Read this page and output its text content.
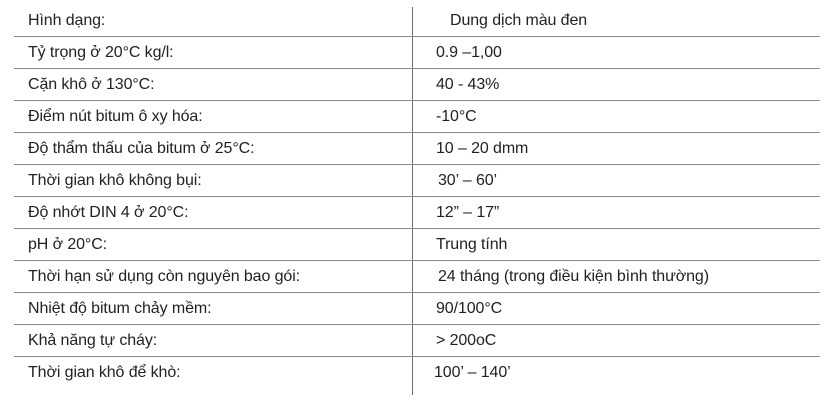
Hình dạng:	Dung dịch màu đen
Tỷ trọng ở 20°C kg/l:	0.9 –1,00
Cặn khô ở 130°C:	40 - 43%
Điểm nút bitum ô xy hóa:	-10°C
Độ thẩm thấu của bitum ở 25°C:	10 – 20 dmm
Thời gian khô không bụi:	30’ – 60’
Độ nhớt DIN 4 ở 20°C:	12” – 17”
pH ở 20°C:	Trung tính
Thời hạn sử dụng còn nguyên bao gói:	24 tháng (trong điều kiện bình thường)
Nhiệt độ bitum chảy mềm:	90/100°C
Khả năng tự cháy:	> 200oC
Thời gian khô để khò:	100’ – 140’
